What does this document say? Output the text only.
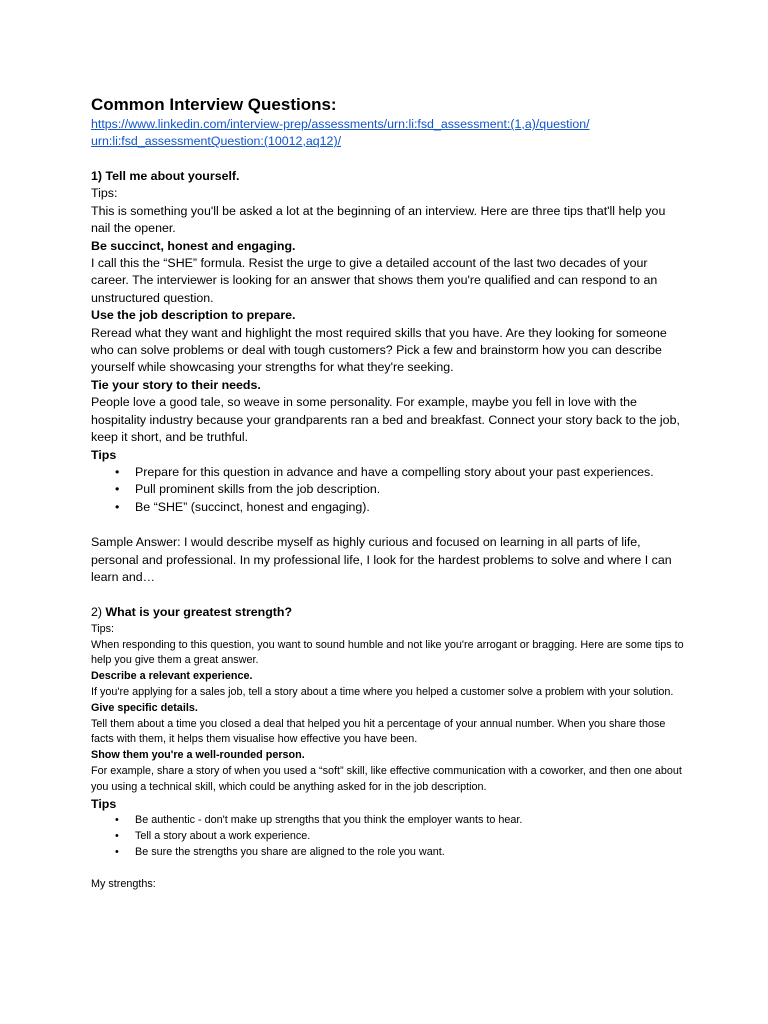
Common Interview Questions:
https://www.linkedin.com/interview-prep/assessments/urn:li:fsd_assessment:(1,a)/question/
urn:li:fsd_assessmentQuestion:(10012,aq12)/

1) Tell me about yourself.

Tips:

This is something you'll be asked a lot at the beginning of an interview. Here are three tips that'll help you nail the opener.

Be succinct, honest and engaging.

I call this the “SHE” formula. Resist the urge to give a detailed account of the last two decades of your career. The interviewer is looking for an answer that shows them you're qualified and can respond to an unstructured question.

Use the job description to prepare.

Reread what they want and highlight the most required skills that you have. Are they looking for someone who can solve problems or deal with tough customers? Pick a few and brainstorm how you can describe yourself while showcasing your strengths for what they're seeking.

Tie your story to their needs.

People love a good tale, so weave in some personality. For example, maybe you fell in love with the hospitality industry because your grandparents ran a bed and breakfast. Connect your story back to the job, keep it short, and be truthful.

Tips

• Prepare for this question in advance and have a compelling story about your past experiences.
• Pull prominent skills from the job description.
• Be “SHE” (succinct, honest and engaging).

Sample Answer: I would describe myself as highly curious and focused on learning in all parts of life, personal and professional. In my professional life, I look for the hardest problems to solve and where I can learn and…

2) What is your greatest strength?

Tips:

When responding to this question, you want to sound humble and not like you're arrogant or bragging. Here are some tips to help you give them a great answer.

Describe a relevant experience.

If you're applying for a sales job, tell a story about a time where you helped a customer solve a problem with your solution.

Give specific details.

Tell them about a time you closed a deal that helped you hit a percentage of your annual number. When you share those facts with them, it helps them visualise how effective you have been.

Show them you're a well-rounded person.

For example, share a story of when you used a “soft” skill, like effective communication with a coworker, and then one about you using a technical skill, which could be anything asked for in the job description.

Tips

• Be authentic - don't make up strengths that you think the employer wants to hear.
• Tell a story about a work experience.
• Be sure the strengths you share are aligned to the role you want.

My strengths:
